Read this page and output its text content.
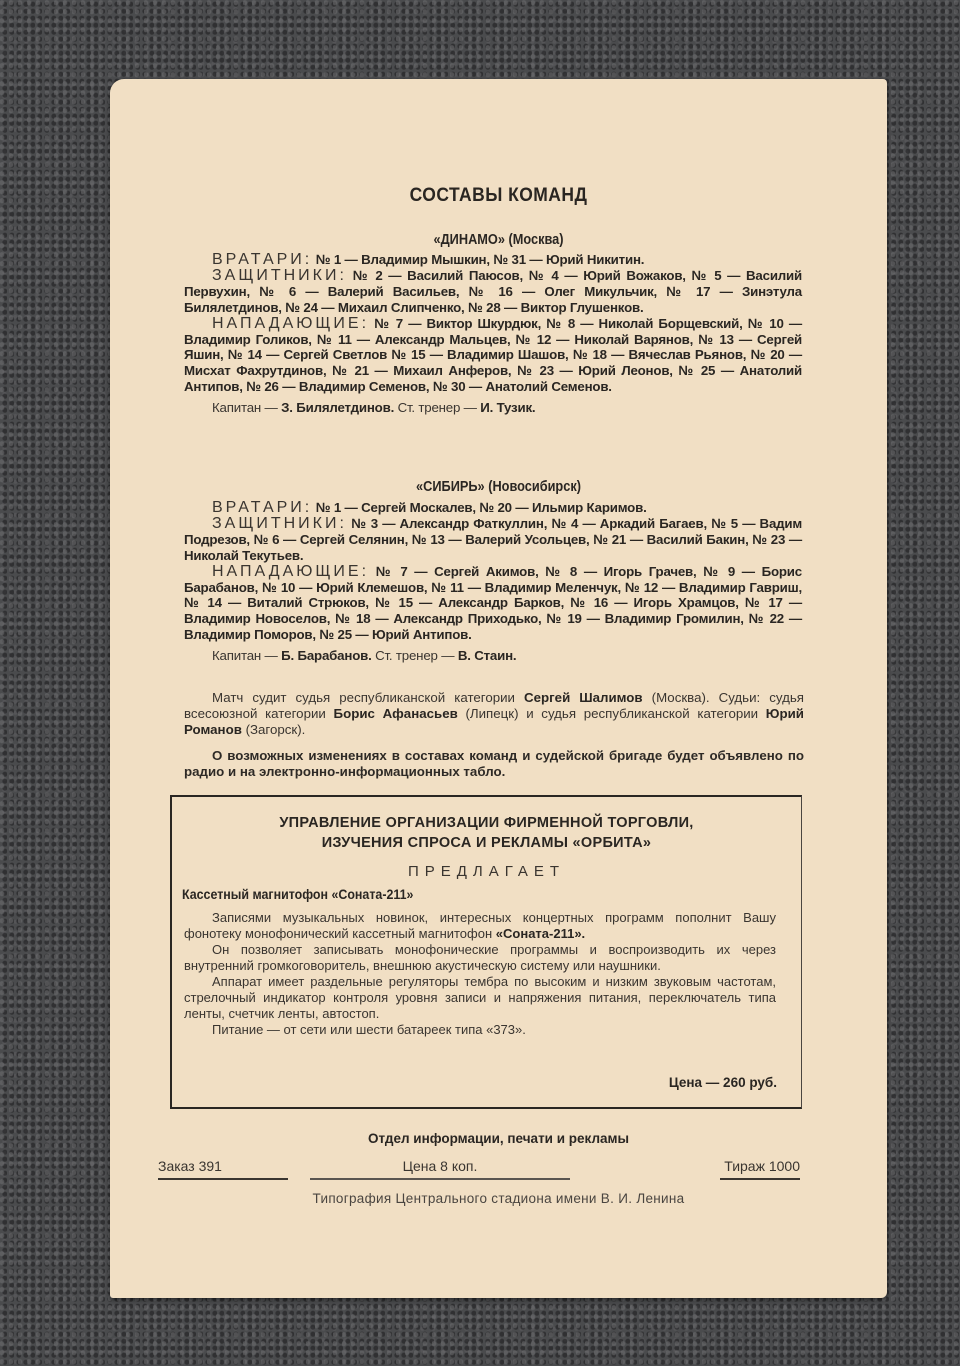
СОСТАВЫ КОМАНД
«ДИНАМО» (Москва)

ВРАТАРИ: № 1 — Владимир Мышкин, № 31 — Юрий Никитин.

ЗАЩИТНИКИ: № 2 — Василий Паюсов, № 4 — Юрий Вожаков, № 5 — Василий Первухин, № 6 — Валерий Васильев, № 16 — Олег Микульчик, № 17 — Зинэтула Билялетдинов, № 24 — Михаил Слипченко, № 28 — Виктор Глушенков.

НАПАДАЮЩИЕ: № 7 — Виктор Шкурдюк, № 8 — Николай Борщевский, № 10 — Владимир Голиков, № 11 — Александр Мальцев, № 12 — Николай Варянов, № 13 — Сергей Яшин, № 14 — Сергей Светлов № 15 — Владимир Шашов, № 18 — Вячеслав Рьянов, № 20 — Мисхат Фахрутдинов, № 21 — Михаил Анферов, № 23 — Юрий Леонов, № 25 — Анатолий Антипов, № 26 — Владимир Семенов, № 30 — Анатолий Семенов.

Капитан — З. Билялетдинов. Ст. тренер — И. Тузик.

«СИБИРЬ» (Новосибирск)

ВРАТАРИ: № 1 — Сергей Москалев, № 20 — Ильмир Каримов.

ЗАЩИТНИКИ: № 3 — Александр Фаткуллин, № 4 — Аркадий Багаев, № 5 — Вадим Подрезов, № 6 — Сергей Селянин, № 13 — Валерий Усольцев, № 21 — Василий Бакин, № 23 — Николай Текутьев.

НАПАДАЮЩИЕ: № 7 — Сергей Акимов, № 8 — Игорь Грачев, № 9 — Борис Барабанов, № 10 — Юрий Клемешов, № 11 — Владимир Меленчук, № 12 — Владимир Гавриш, № 14 — Виталий Стрюков, № 15 — Александр Барков, № 16 — Игорь Храмцов, № 17 — Владимир Новоселов, № 18 — Александр Приходько, № 19 — Владимир Громилин, № 22 — Владимир Поморов, № 25 — Юрий Антипов.

Капитан — Б. Барабанов. Ст. тренер — В. Стаин.

Матч судит судья республиканской категории Сергей Шалимов (Москва). Судьи: судья всесоюзной категории Борис Афанасьев (Липецк) и судья республиканской категории Юрий Романов (Загорск).

О возможных изменениях в составах команд и судейской бригаде будет объявлено по радио и на электронно-информационных табло.

УПРАВЛЕНИЕ ОРГАНИЗАЦИИ ФИРМЕННОЙ ТОРГОВЛИ,
ИЗУЧЕНИЯ СПРОСА И РЕКЛАМЫ «ОРБИТА»
ПРЕДЛАГАЕТ
Кассетный магнитофон «Соната-211»

Записями музыкальных новинок, интересных концертных программ пополнит Вашу фонотеку монофонический кассетный магнитофон «Соната-211».

Он позволяет записывать монофонические программы и воспроизводить их через внутренний громкоговоритель, внешнюю акустическую систему или наушники.

Аппарат имеет раздельные регуляторы тембра по высоким и низким звуковым частотам, стрелочный индикатор контроля уровня записи и напряжения питания, переключатель типа ленты, счетчик ленты, автостоп.

Питание — от сети или шести батареек типа «373».

Цена — 260 руб.
Отдел информации, печати и рекламы
Заказ 391	Цена 8 коп.	Тираж 1000
Типография Центрального стадиона имени В. И. Ленина
